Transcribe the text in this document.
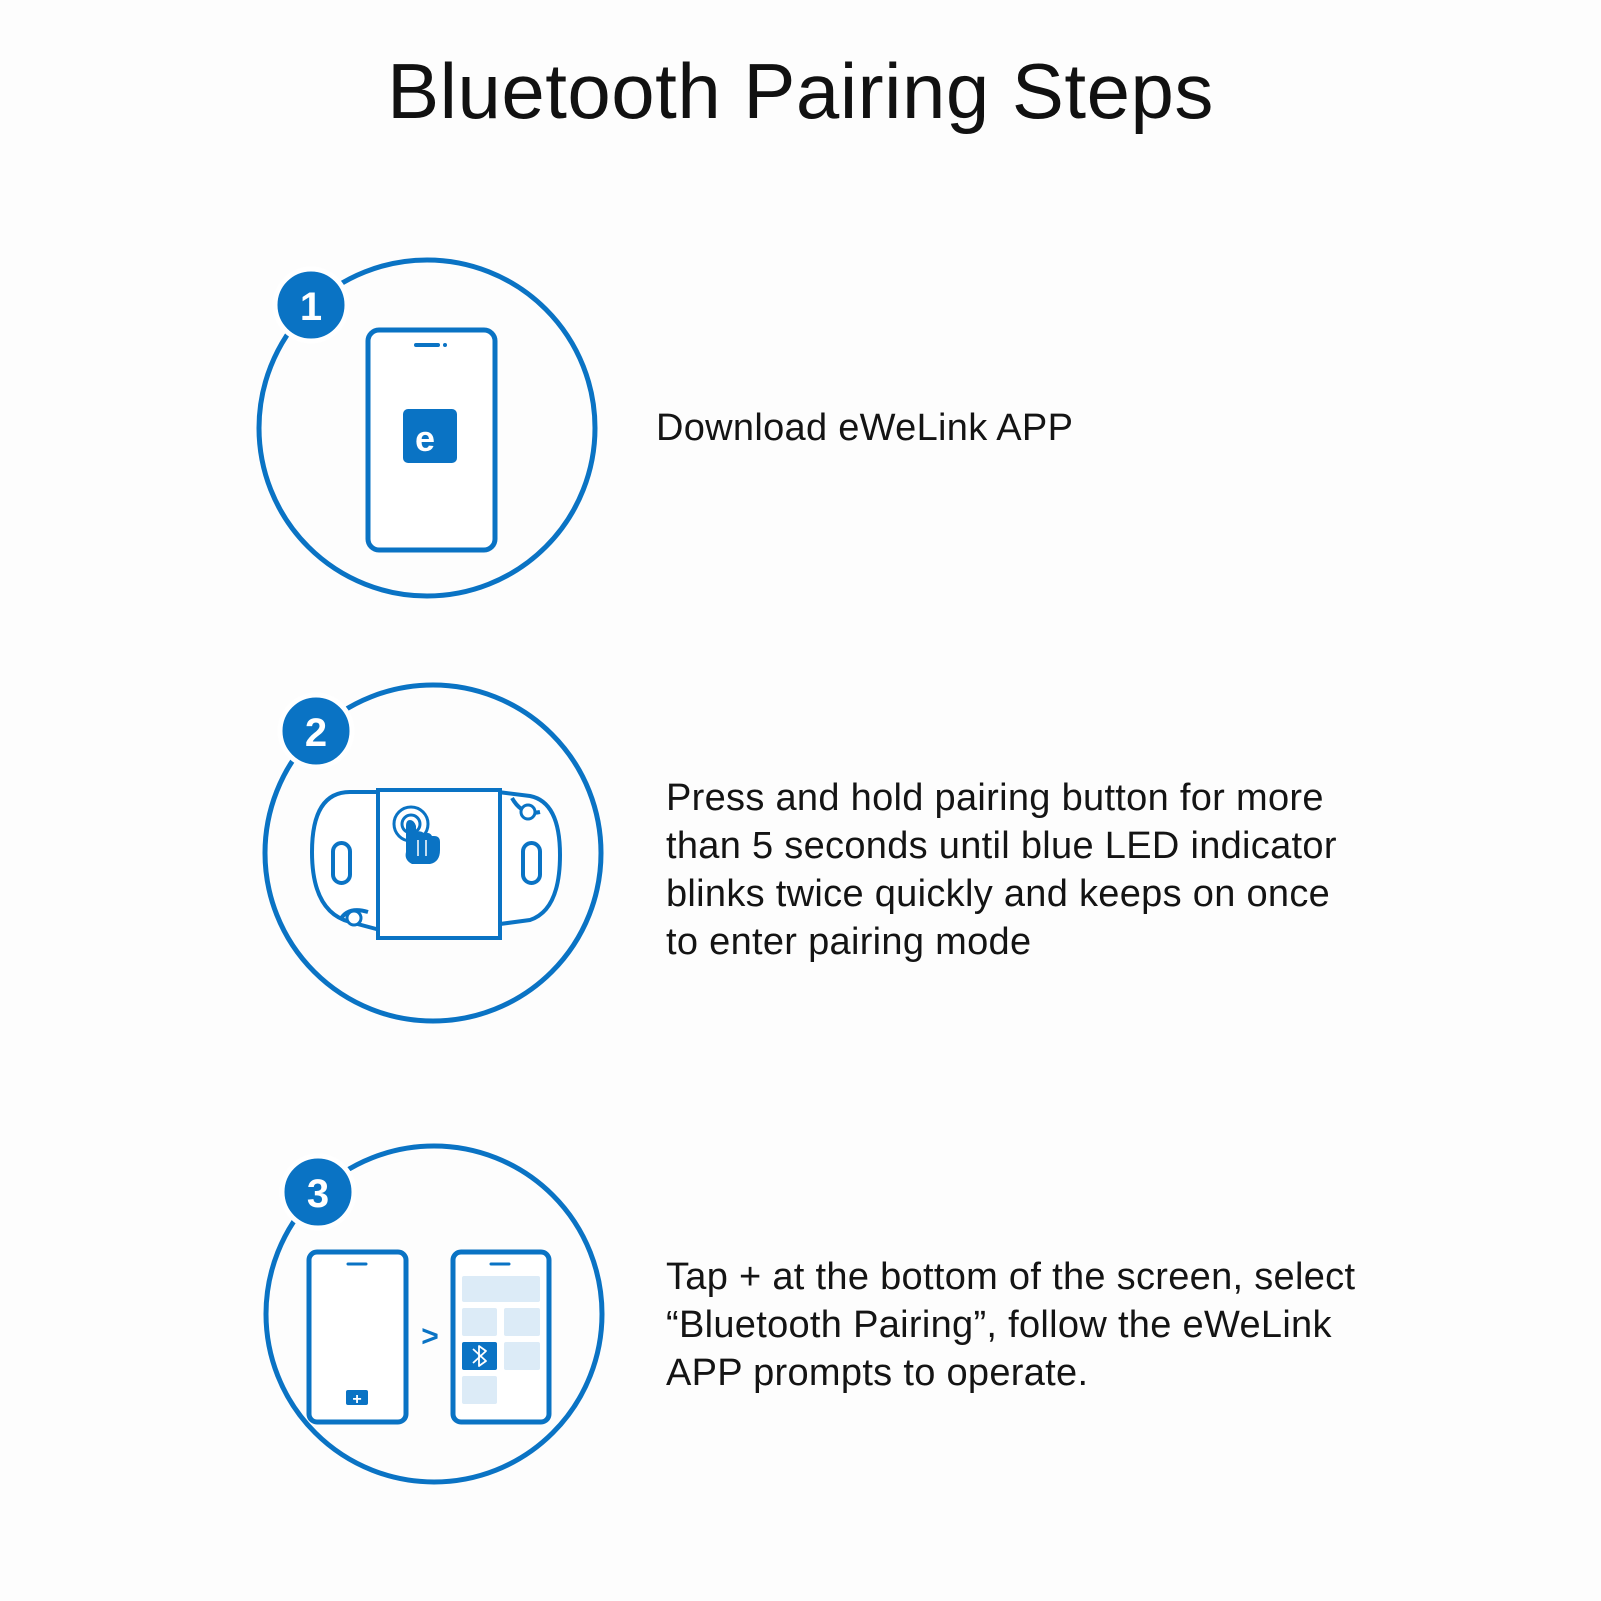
Bluetooth Pairing Steps
e
1
2
+
>
3
Download eWeLink APP
Press and hold pairing button for more
than 5 seconds until blue LED indicator
blinks twice quickly and keeps on once
to enter pairing mode
Tap + at the bottom of the screen, select
“Bluetooth Pairing”, follow the eWeLink
APP prompts to operate.
